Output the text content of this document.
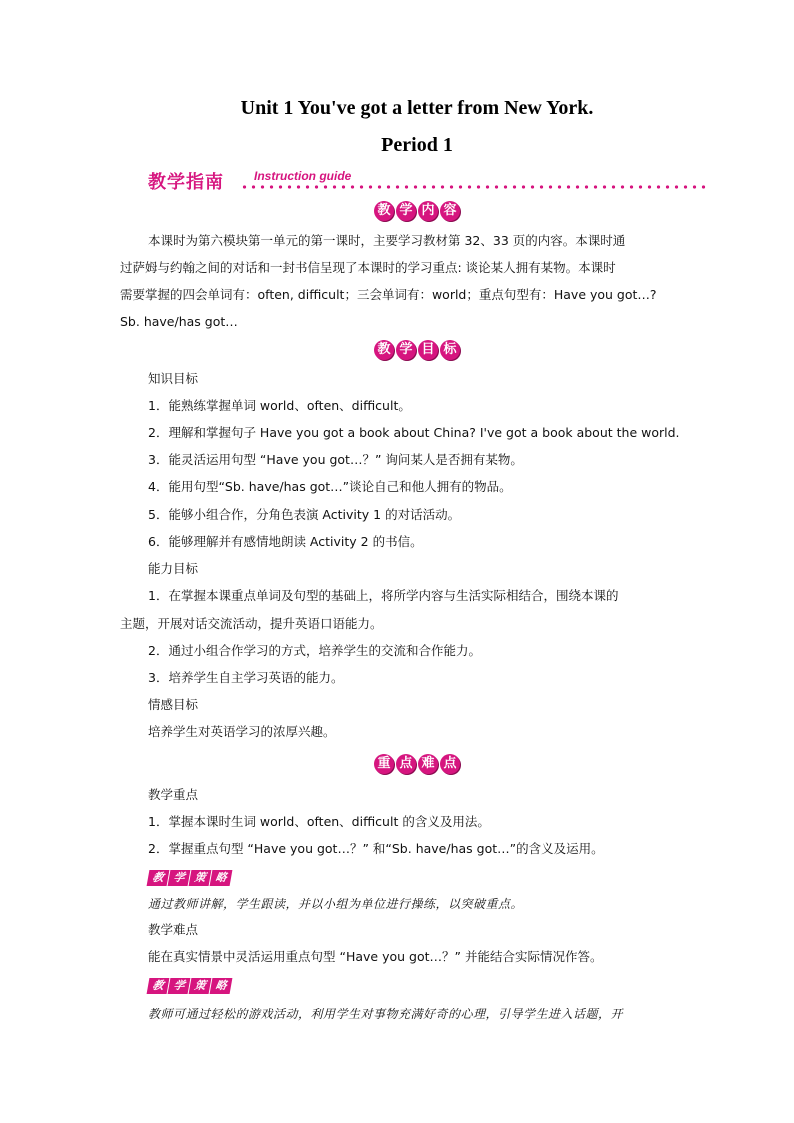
Unit 1 You've got a letter from New York.
Period 1
教学指南	Instruction guide
教 学 内 容
本课时为第六模块第一单元的第一课时，主要学习教材第 32、33 页的内容。本课时通
过萨姆与约翰之间的对话和一封书信呈现了本课时的学习重点: 谈论某人拥有某物。本课时
需要掌握的四会单词有：often, difficult；三会单词有：world；重点句型有：Have you got…?
Sb. have/has got…
教 学 目 标
知识目标
1．能熟练掌握单词 world、often、difficult。
2．理解和掌握句子 Have you got a book about China? I've got a book about the world.
3．能灵活运用句型 “Have you got…？” 询问某人是否拥有某物。
4．能用句型“Sb. have/has got…”谈论自己和他人拥有的物品。
5．能够小组合作，分角色表演 Activity 1 的对话活动。
6．能够理解并有感情地朗读 Activity 2 的书信。
能力目标
1．在掌握本课重点单词及句型的基础上，将所学内容与生活实际相结合，围绕本课的
主题，开展对话交流活动，提升英语口语能力。
2．通过小组合作学习的方式，培养学生的交流和合作能力。
3．培养学生自主学习英语的能力。
情感目标
培养学生对英语学习的浓厚兴趣。
重 点 难 点
教学重点
1．掌握本课时生词 world、often、difficult 的含义及用法。
2．掌握重点句型 “Have you got…？” 和“Sb. have/has got…”的含义及运用。
教 学 策 略
通过教师讲解，学生跟读，并以小组为单位进行操练，以突破重点。
教学难点
能在真实情景中灵活运用重点句型 “Have you got…？” 并能结合实际情况作答。
教 学 策 略
教师可通过轻松的游戏活动，利用学生对事物充满好奇的心理，引导学生进入话题，开
